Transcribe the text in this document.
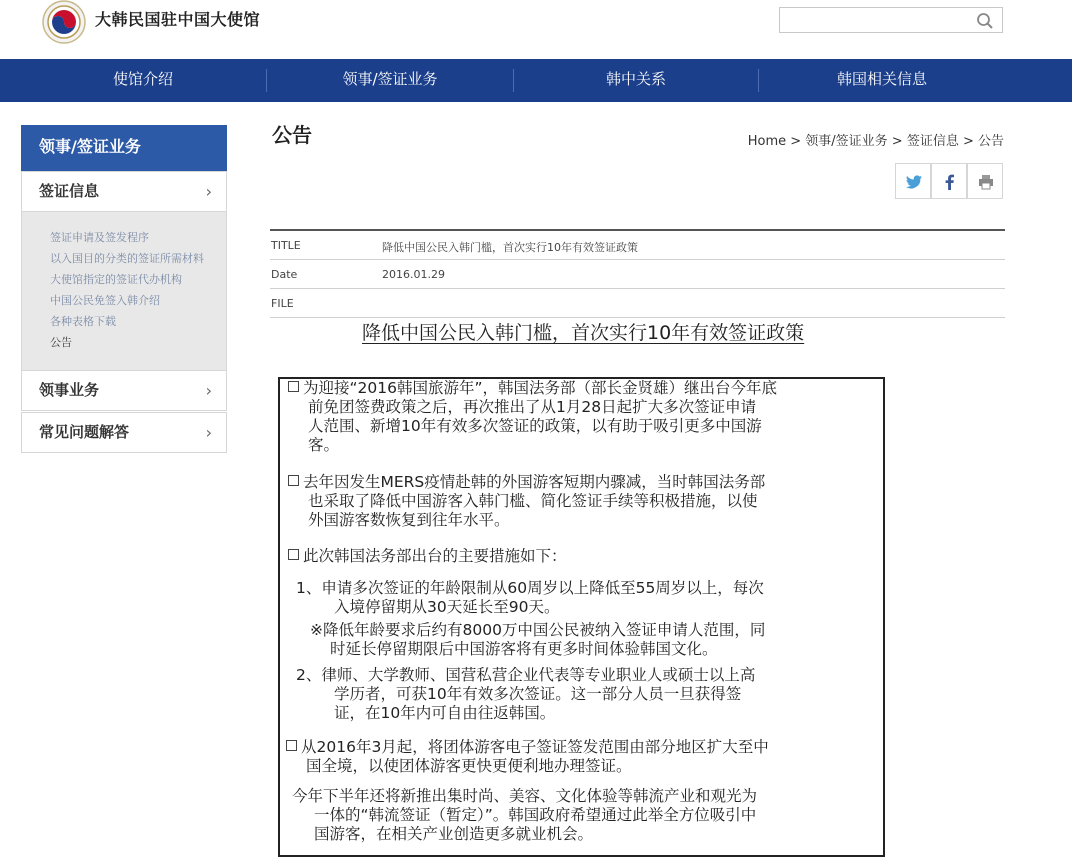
大韩民国驻中国大使馆
使馆介绍	领事/签证业务	韩中关系	韩国相关信息
领事/签证业务
签证信息	›
签证申请及签发程序
以入国目的分类的签证所需材料
大使馆指定的签证代办机构
中国公民免签入韩介绍
各种表格下载
公告
领事业务	›
常见问题解答	›
公告	Home > 领事/签证业务 > 签证信息 > 公告
TITLE	降低中国公民入韩门槛，首次实行10年有效签证政策
Date	2016.01.29
FILE
降低中国公民入韩门槛，首次实行10年有效签证政策
为迎接“2016韩国旅游年”，韩国法务部（部长金贤雄）继出台今年底
前免团签费政策之后，再次推出了从1月28日起扩大多次签证申请
人范围、新增10年有效多次签证的政策，以有助于吸引更多中国游
客。
去年因发生MERS疫情赴韩的外国游客短期内骤减，当时韩国法务部
也采取了降低中国游客入韩门槛、简化签证手续等积极措施，以使
外国游客数恢复到往年水平。
此次韩国法务部出台的主要措施如下：
1、申请多次签证的年龄限制从60周岁以上降低至55周岁以上，每次
入境停留期从30天延长至90天。
※降低年龄要求后约有8000万中国公民被纳入签证申请人范围，同
时延长停留期限后中国游客将有更多时间体验韩国文化。
2、律师、大学教师、国营私营企业代表等专业职业人或硕士以上高
学历者，可获10年有效多次签证。这一部分人员一旦获得签
证，在10年内可自由往返韩国。
从2016年3月起，将团体游客电子签证签发范围由部分地区扩大至中
国全境，以使团体游客更快更便利地办理签证。
今年下半年还将新推出集时尚、美容、文化体验等韩流产业和观光为
一体的“韩流签证（暂定）”。韩国政府希望通过此举全方位吸引中
国游客，在相关产业创造更多就业机会。
